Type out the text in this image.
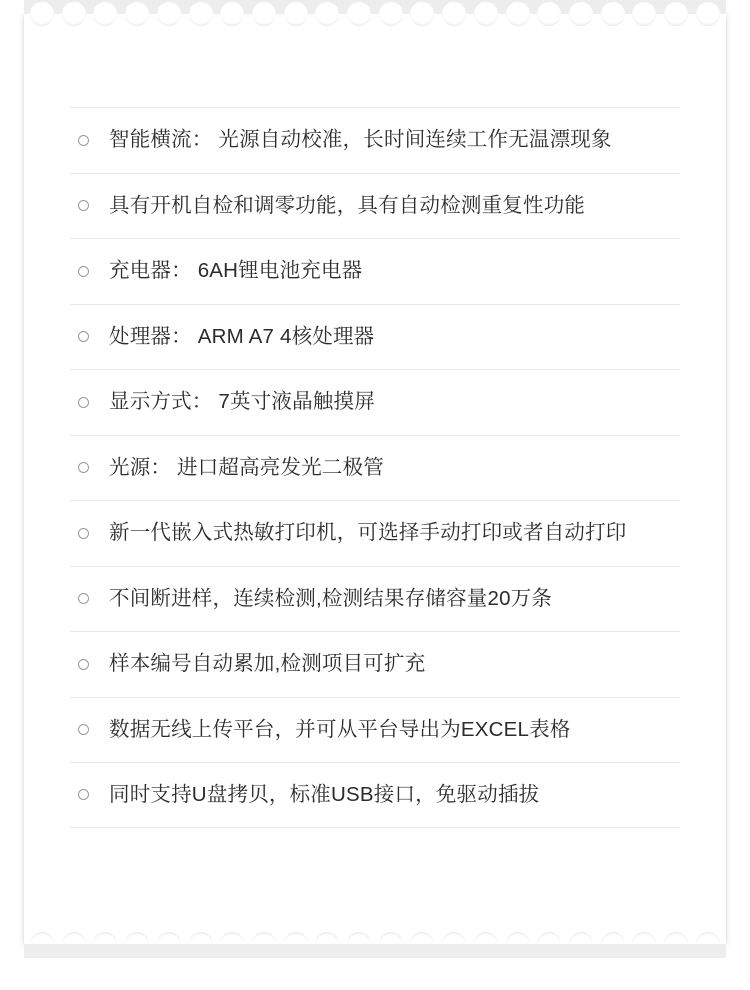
智能横流： 光源自动校准，长时间连续工作无温漂现象
具有开机自检和调零功能，具有自动检测重复性功能
充电器： 6AH锂电池充电器
处理器： ARM A7 4核处理器
显示方式： 7英寸液晶触摸屏
光源： 进口超高亮发光二极管
新一代嵌入式热敏打印机，可选择手动打印或者自动打印
不间断进样，连续检测,检测结果存储容量20万条
样本编号自动累加,检测项目可扩充
数据无线上传平台，并可从平台导出为EXCEL表格
同时支持U盘拷贝，标准USB接口，免驱动插拔
